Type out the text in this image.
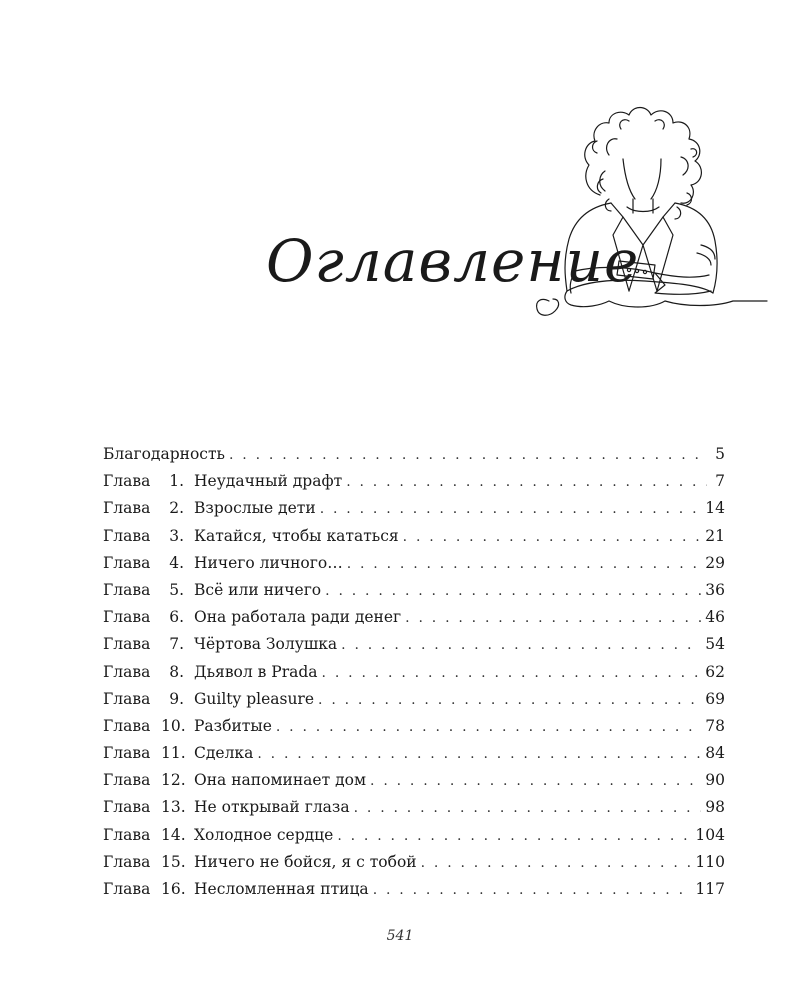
Оглавление
Благодарность . . .	5
Глава	1. Неудачный драфт . . .	7
Глава	2. Взрослые дети . . .	14
Глава	3. Катайся, чтобы кататься . . .	21
Глава	4. Ничего личного… . . .	29
Глава	5. Всё или ничего . . .	36
Глава	6. Она работала ради денег . . .	46
Глава	7. Чёртова Золушка . . .	54
Глава	8. Дьявол в Prada . . .	62
Глава	9. Guilty pleasure . . .	69
Глава 10. Разбитые . . .	78
Глава 11. Сделка . . .	84
Глава 12. Она напоминает дом . . .	90
Глава 13. Не открывай глаза . . .	98
Глава 14. Холодное сердце . . .	104
Глава 15. Ничего не бойся, я с тобой . . .	110
Глава 16. Несломленная птица . . .	117
541
